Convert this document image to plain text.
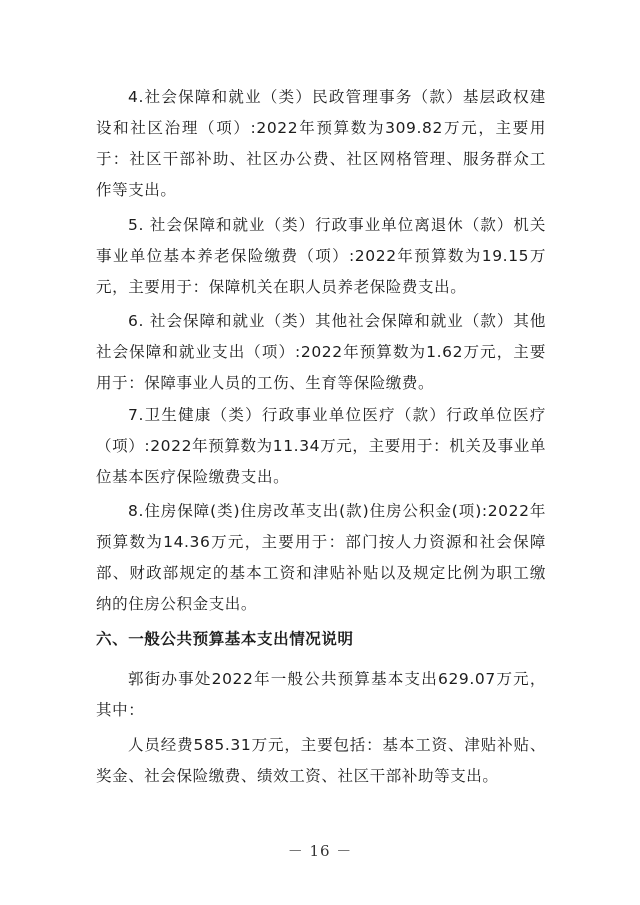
4.社会保障和就业（类）民政管理事务（款）基层政权建设和社区治理（项）:2022年预算数为309.82万元，主要用于：社区干部补助、社区办公费、社区网格管理、服务群众工作等支出。

5. 社会保障和就业（类）行政事业单位离退休（款）机关事业单位基本养老保险缴费（项）:2022年预算数为19.15万元，主要用于：保障机关在职人员养老保险费支出。

6. 社会保障和就业（类）其他社会保障和就业（款）其他社会保障和就业支出（项）:2022年预算数为1.62万元，主要用于：保障事业人员的工伤、生育等保险缴费。

7.卫生健康（类）行政事业单位医疗（款）行政单位医疗（项）:2022年预算数为11.34万元，主要用于：机关及事业单位基本医疗保险缴费支出。

8.住房保障(类)住房改革支出(款)住房公积金(项):2022年预算数为14.36万元，主要用于：部门按人力资源和社会保障部、财政部规定的基本工资和津贴补贴以及规定比例为职工缴纳的住房公积金支出。

六、一般公共预算基本支出情况说明

郭街办事处2022年一般公共预算基本支出629.07万元，其中：

人员经费585.31万元，主要包括：基本工资、津贴补贴、奖金、社会保险缴费、绩效工资、社区干部补助等支出。

－ 16 －
